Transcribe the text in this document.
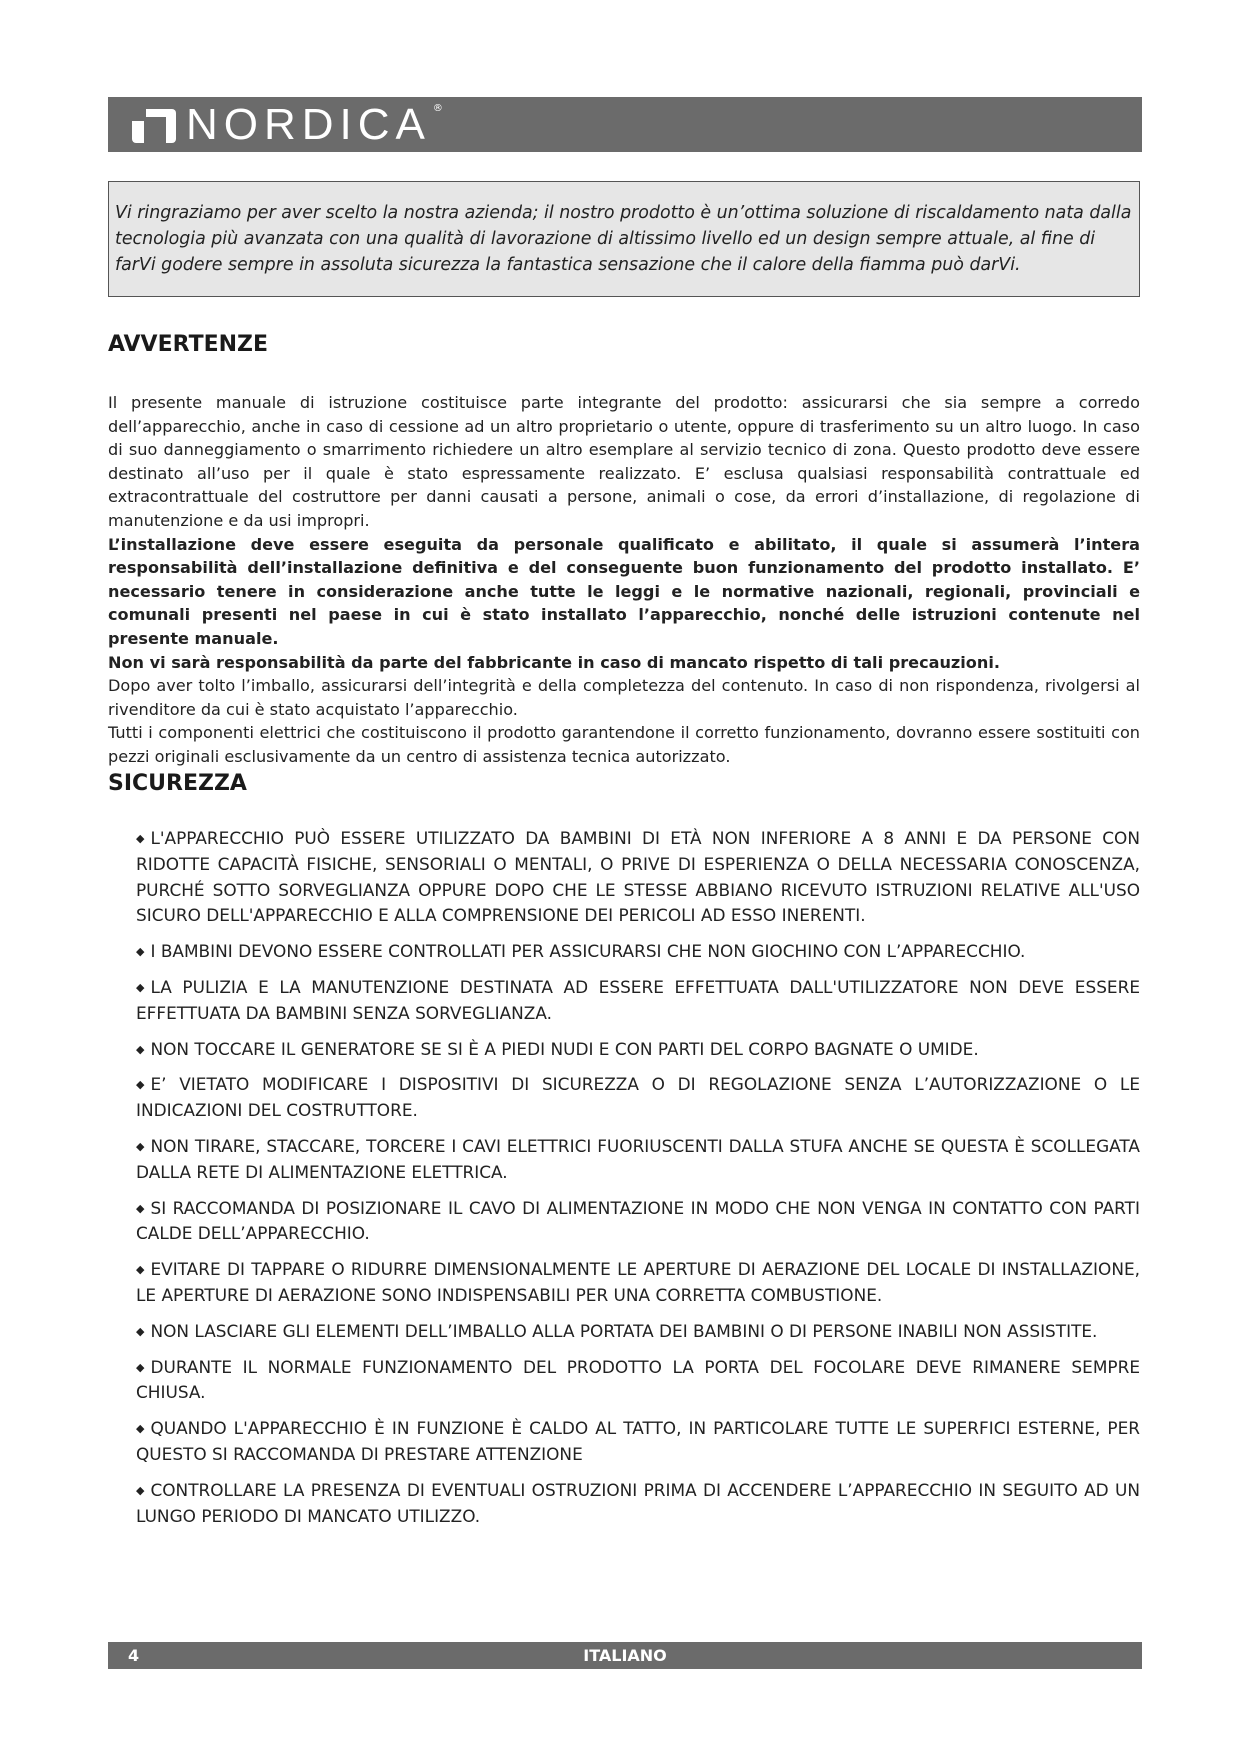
NORDICA ®

Vi ringraziamo per aver scelto la nostra azienda; il nostro prodotto è un’ottima soluzione di riscaldamento nata dalla tecnologia più avanzata con una qualità di lavorazione di altissimo livello ed un design sempre attuale, al fine di farVi godere sempre in assoluta sicurezza la fantastica sensazione che il calore della fiamma può darVi.

AVVERTENZE

Il presente manuale di istruzione costituisce parte integrante del prodotto: assicurarsi che sia sempre a corredo dell’apparecchio, anche in caso di cessione ad un altro proprietario o utente, oppure di trasferimento su un altro luogo. In caso di suo danneggiamento o smarrimento richiedere un altro esemplare al servizio tecnico di zona. Questo prodotto deve essere destinato all’uso per il quale è stato espressamente realizzato. E’ esclusa qualsiasi responsabilità contrattuale ed extracontrattuale del costruttore per danni causati a persone, animali o cose, da errori d’installazione, di regolazione di manutenzione e da usi impropri.

L’installazione deve essere eseguita da personale qualificato e abilitato, il quale si assumerà l’intera responsabilità dell’installazione definitiva e del conseguente buon funzionamento del prodotto installato. E’ necessario tenere in considerazione anche tutte le leggi e le normative nazionali, regionali, provinciali e comunali presenti nel paese in cui è stato installato l’apparecchio, nonché delle istruzioni contenute nel presente manuale.

Non vi sarà responsabilità da parte del fabbricante in caso di mancato rispetto di tali precauzioni.

Dopo aver tolto l’imballo, assicurarsi dell’integrità e della completezza del contenuto. In caso di non rispondenza, rivolgersi al rivenditore da cui è stato acquistato l’apparecchio.

Tutti i componenti elettrici che costituiscono il prodotto garantendone il corretto funzionamento, dovranno essere sostituiti con pezzi originali esclusivamente da un centro di assistenza tecnica autorizzato.

SICUREZZA
◆ L'APPARECCHIO PUÒ ESSERE UTILIZZATO DA BAMBINI DI ETÀ NON INFERIORE A 8 ANNI E DA PERSONE CON RIDOTTE CAPACITÀ FISICHE, SENSORIALI O MENTALI, O PRIVE DI ESPERIENZA O DELLA NECESSARIA CONOSCENZA, PURCHÉ SOTTO SORVEGLIANZA OPPURE DOPO CHE LE STESSE ABBIANO RICEVUTO ISTRUZIONI RELATIVE ALL'USO SICURO DELL'APPARECCHIO E ALLA COMPRENSIONE DEI PERICOLI AD ESSO INERENTI.
◆ I BAMBINI DEVONO ESSERE CONTROLLATI PER ASSICURARSI CHE NON GIOCHINO CON L’APPARECCHIO.
◆ LA PULIZIA E LA MANUTENZIONE DESTINATA AD ESSERE EFFETTUATA DALL'UTILIZZATORE NON DEVE ESSERE EFFETTUATA DA BAMBINI SENZA SORVEGLIANZA.
◆ NON TOCCARE IL GENERATORE SE SI È A PIEDI NUDI E CON PARTI DEL CORPO BAGNATE O UMIDE.
◆ E’ VIETATO MODIFICARE I DISPOSITIVI DI SICUREZZA O DI REGOLAZIONE SENZA L’AUTORIZZAZIONE O LE INDICAZIONI DEL COSTRUTTORE.
◆ NON TIRARE, STACCARE, TORCERE I CAVI ELETTRICI FUORIUSCENTI DALLA STUFA ANCHE SE QUESTA È SCOLLEGATA DALLA RETE DI ALIMENTAZIONE ELETTRICA.
◆ SI RACCOMANDA DI POSIZIONARE IL CAVO DI ALIMENTAZIONE IN MODO CHE NON VENGA IN CONTATTO CON PARTI CALDE DELL’APPARECCHIO.
◆ EVITARE DI TAPPARE O RIDURRE DIMENSIONALMENTE LE APERTURE DI AERAZIONE DEL LOCALE DI INSTALLAZIONE, LE APERTURE DI AERAZIONE SONO INDISPENSABILI PER UNA CORRETTA COMBUSTIONE.
◆ NON LASCIARE GLI ELEMENTI DELL’IMBALLO ALLA PORTATA DEI BAMBINI O DI PERSONE INABILI NON ASSISTITE.
◆ DURANTE IL NORMALE FUNZIONAMENTO DEL PRODOTTO LA PORTA DEL FOCOLARE DEVE RIMANERE SEMPRE CHIUSA.
◆ QUANDO L'APPARECCHIO È IN FUNZIONE È CALDO AL TATTO, IN PARTICOLARE TUTTE LE SUPERFICI ESTERNE, PER QUESTO SI RACCOMANDA DI PRESTARE ATTENZIONE
◆ CONTROLLARE LA PRESENZA DI EVENTUALI OSTRUZIONI PRIMA DI ACCENDERE L’APPARECCHIO IN SEGUITO AD UN LUNGO PERIODO DI MANCATO UTILIZZO.
ITALIANO
4
